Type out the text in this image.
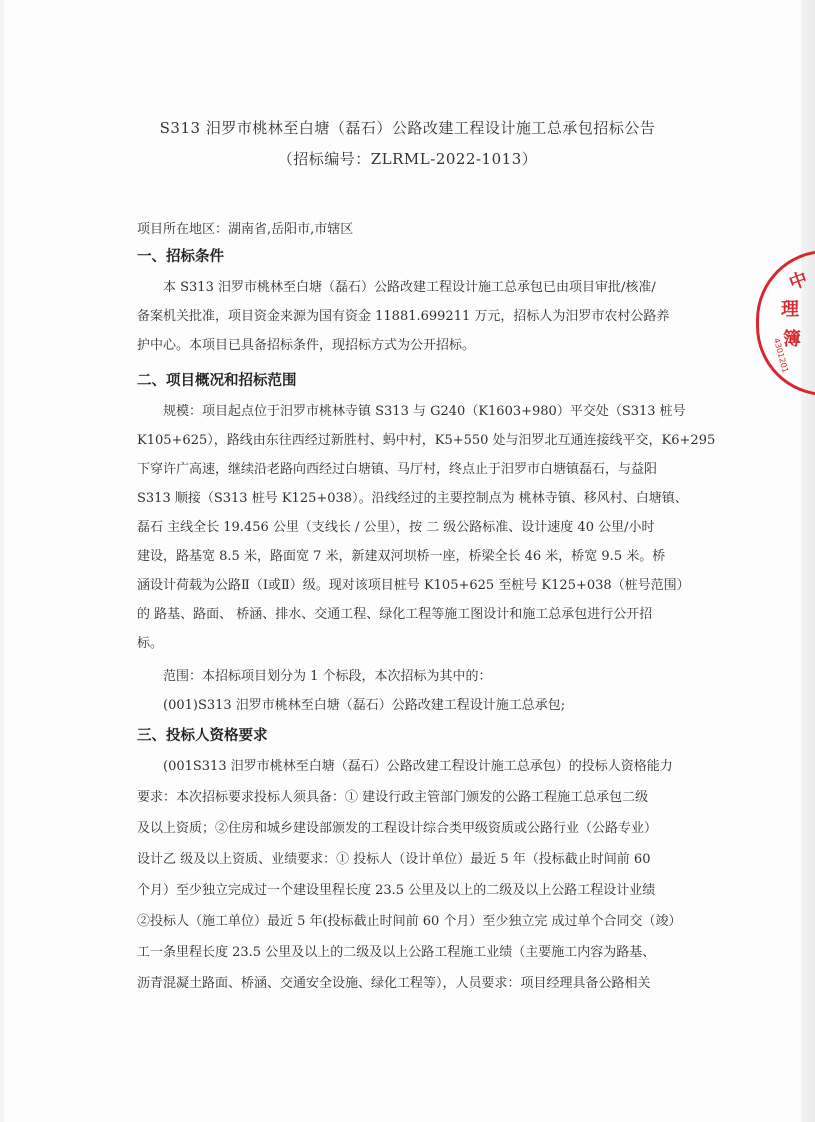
S313 汨罗市桃林至白塘（磊石）公路改建工程设计施工总承包招标公告
（招标编号：ZLRML-2022-1013）
项目所在地区：湖南省,岳阳市,市辖区
一、招标条件
本 S313 汨罗市桃林至白塘（磊石）公路改建工程设计施工总承包已由项目审批/核准/
备案机关批准，项目资金来源为国有资金 11881.699211 万元，招标人为汨罗市农村公路养
护中心。本项目已具备招标条件，现招标方式为公开招标。
二、项目概况和招标范围
规模：项目起点位于汨罗市桃林寺镇 S313 与 G240（K1603+980）平交处（S313 桩号
K105+625），路线由东往西经过新胜村、蚂中村，K5+550 处与汨罗北互通连接线平交，K6+295
下穿许广高速，继续沿老路向西经过白塘镇、马厅村，终点止于汨罗市白塘镇磊石，与益阳
S313 顺接（S313 桩号 K125+038）。沿线经过的主要控制点为 桃林寺镇、移风村、白塘镇、
磊石 主线全长 19.456 公里（支线长 / 公里），按 二 级公路标准、设计速度 40 公里/小时
建设，路基宽 8.5 米，路面宽 7 米，新建双河坝桥一座，桥梁全长 46 米，桥宽 9.5 米。桥
涵设计荷载为公路Ⅱ（Ⅰ或Ⅱ）级。现对该项目桩号 K105+625 至桩号 K125+038（桩号范围）
的 路基、路面、 桥涵、排水、交通工程、绿化工程等施工图设计和施工总承包进行公开招
标。
范围：本招标项目划分为 1 个标段，本次招标为其中的：
(001)S313 汨罗市桃林至白塘（磊石）公路改建工程设计施工总承包;
三、投标人资格要求
(001S313 汨罗市桃林至白塘（磊石）公路改建工程设计施工总承包）的投标人资格能力
要求：本次招标要求投标人须具备：① 建设行政主管部门颁发的公路工程施工总承包二级
及以上资质；②住房和城乡建设部颁发的工程设计综合类甲级资质或公路行业（公路专业）
设计乙 级及以上资质、业绩要求：① 投标人（设计单位）最近 5 年（投标截止时间前 60
个月）至少独立完成过一个建设里程长度 23.5 公里及以上的二级及以上公路工程设计业绩
②投标人（施工单位）最近 5 年(投标截止时间前 60 个月）至少独立完 成过单个合同交（竣）
工一条里程长度 23.5 公里及以上的二级及以上公路工程施工业绩（主要施工内容为路基、
沥青混凝土路面、桥涵、交通安全设施、绿化工程等），人员要求：项目经理具备公路相关
中
理
簿
4301201
